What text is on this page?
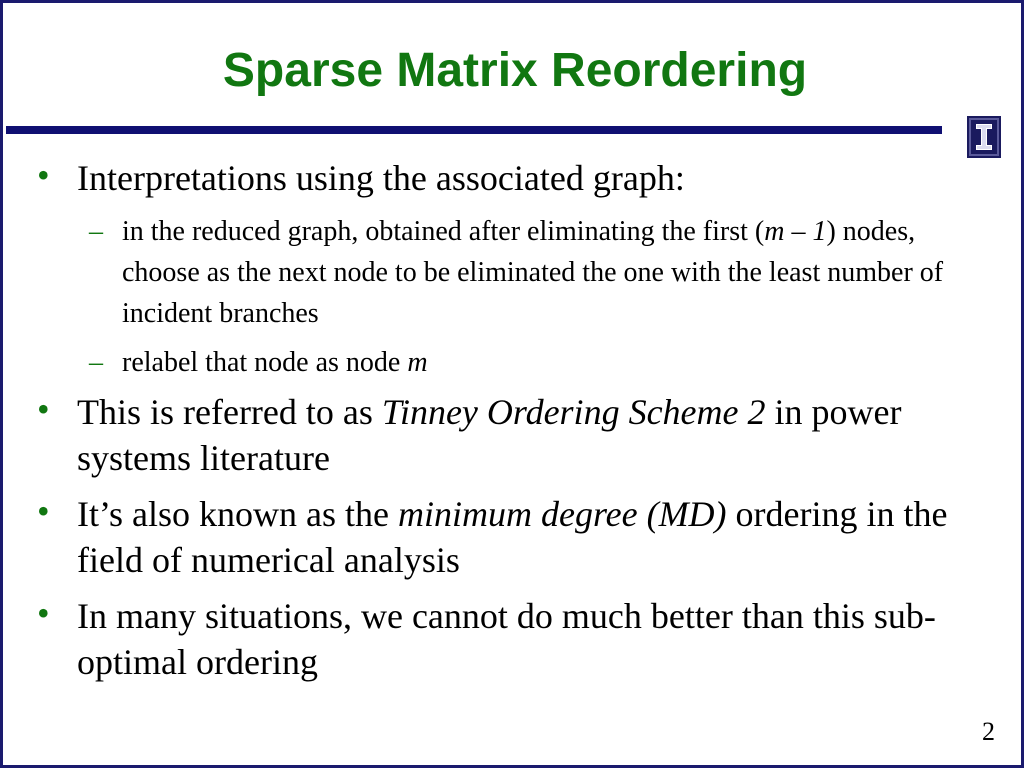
Sparse Matrix Reordering
• Interpretations using the associated graph:
– in the reduced graph, obtained after eliminating the first (m – 1) nodes, choose as the next node to be eliminated the one with the least number of incident branches
– relabel that node as node m
• This is referred to as Tinney Ordering Scheme 2 in power systems literature
• It’s also known as the minimum degree (MD) ordering in the field of numerical analysis
• In many situations, we cannot do much better than this sub-optimal ordering
2
